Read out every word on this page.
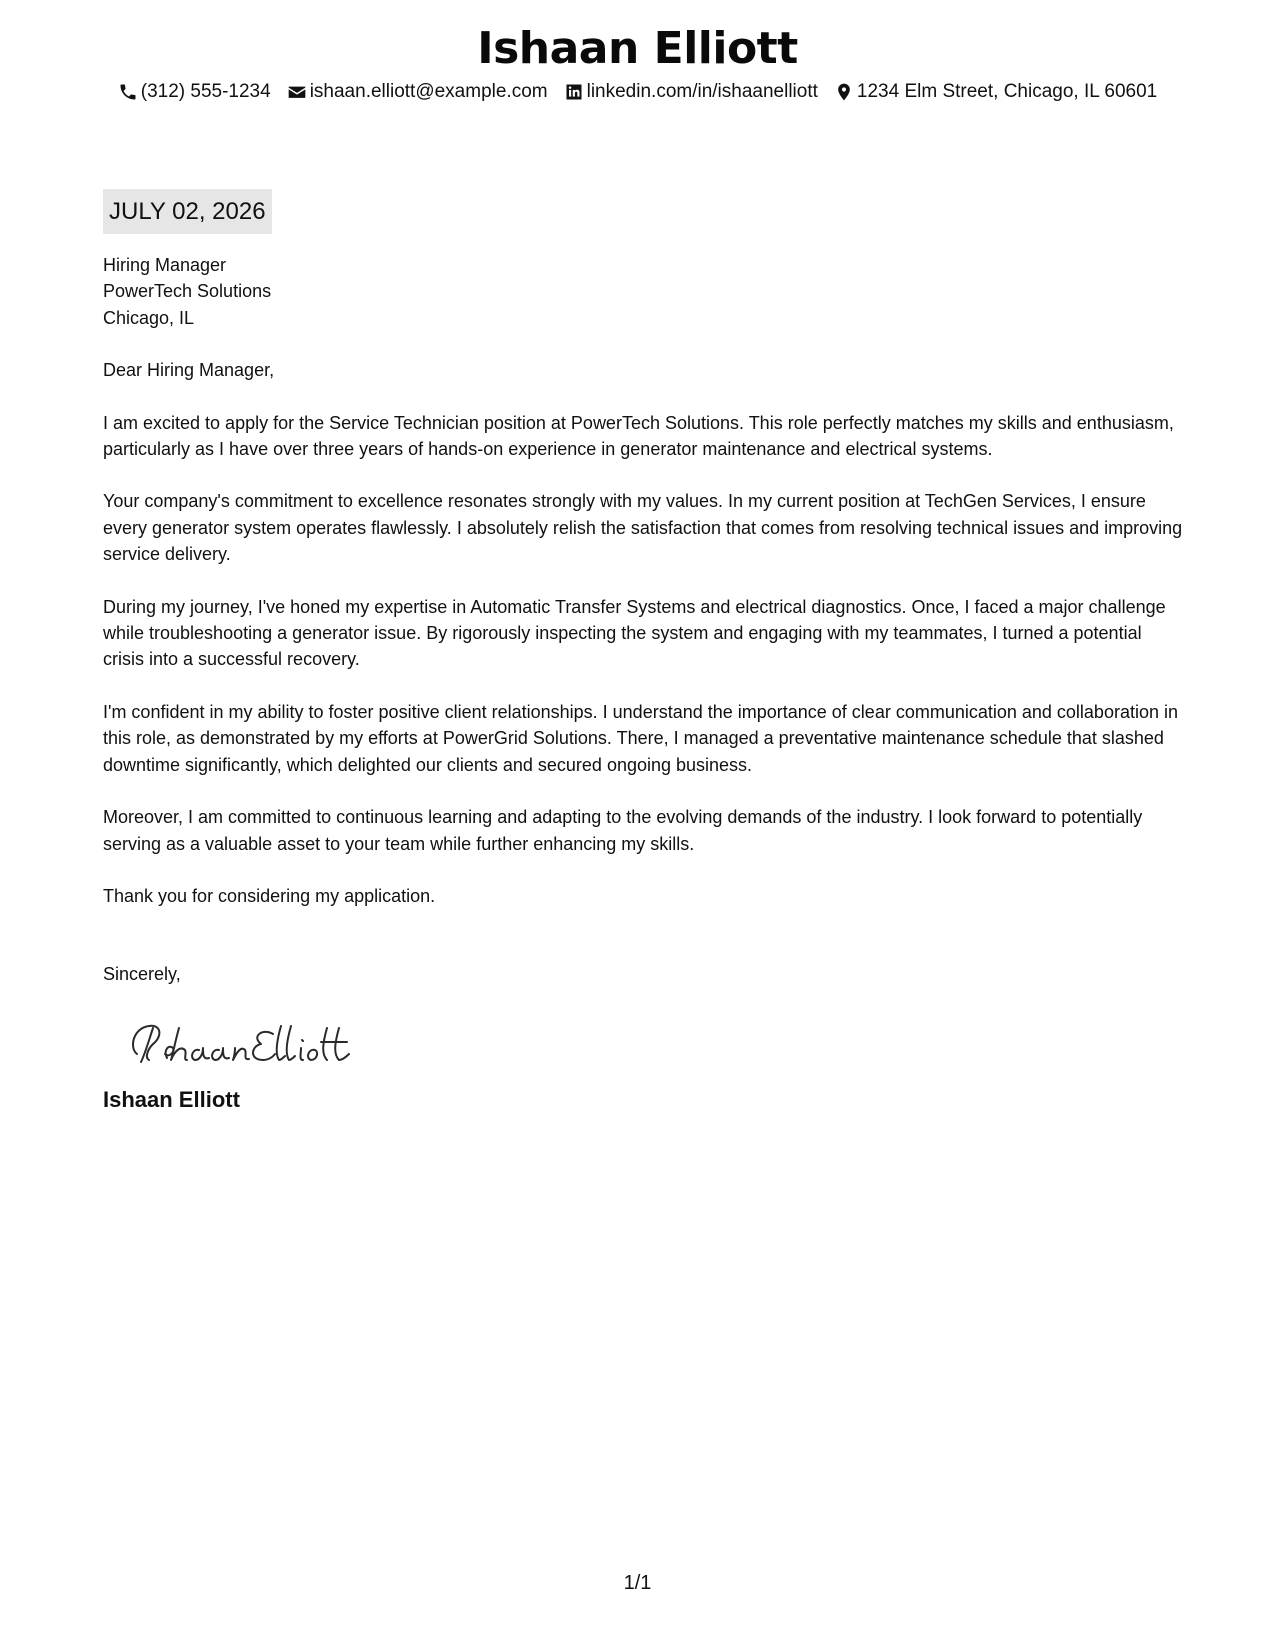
Ishaan Elliott
(312) 555-1234 ishaan.elliott@example.com linkedin.com/in/ishaanelliott 1234 Elm Street, Chicago, IL 60601
JULY 02, 2026
Hiring Manager
PowerTech Solutions
Chicago, IL
Dear Hiring Manager,
I am excited to apply for the Service Technician position at PowerTech Solutions. This role perfectly matches my skills and enthusiasm, particularly as I have over three years of hands-on experience in generator maintenance and electrical systems.
Your company's commitment to excellence resonates strongly with my values. In my current position at TechGen Services, I ensure every generator system operates flawlessly. I absolutely relish the satisfaction that comes from resolving technical issues and improving service delivery.
During my journey, I've honed my expertise in Automatic Transfer Systems and electrical diagnostics. Once, I faced a major challenge while troubleshooting a generator issue. By rigorously inspecting the system and engaging with my teammates, I turned a potential crisis into a successful recovery.
I'm confident in my ability to foster positive client relationships. I understand the importance of clear communication and collaboration in this role, as demonstrated by my efforts at PowerGrid Solutions. There, I managed a preventative maintenance schedule that slashed downtime significantly, which delighted our clients and secured ongoing business.
Moreover, I am committed to continuous learning and adapting to the evolving demands of the industry. I look forward to potentially serving as a valuable asset to your team while further enhancing my skills.
Thank you for considering my application.
Sincerely,
Ishaan Elliott
1/1
